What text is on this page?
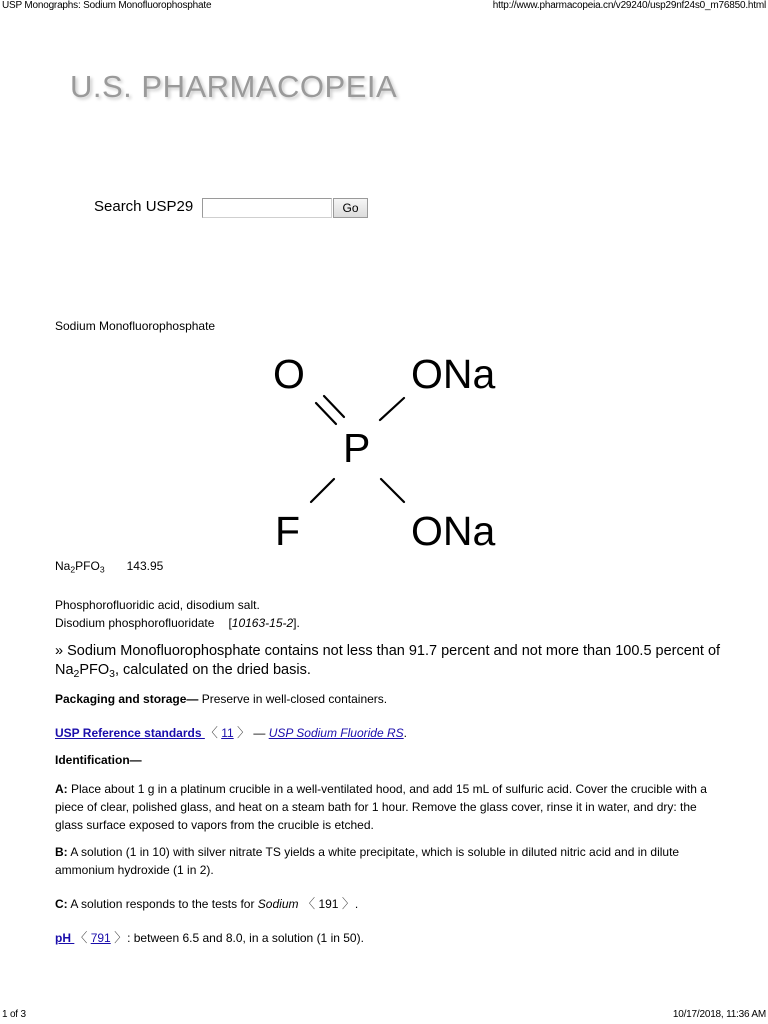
USP Monographs: Sodium Monofluorophosphate	http://www.pharmacopeia.cn/v29240/usp29nf24s0_m76850.html
U.S. PHARMACOPEIA
Search USP29	Go
Sodium Monofluorophosphate
O	ONa
P
F	ONa
$Na_2PFO_3$ 143.95
Phosphorofluoridic acid, disodium salt.
Disodium phosphorofluoridate [10163-15-2].
» Sodium Monofluorophosphate contains not less than 91.7 percent and not more than 100.5 percent of $Na_2PFO_3$, calculated on the dried basis.
Packaging and storage— Preserve in well-closed containers.
USP Reference standards 〈 11 〉 — USP Sodium Fluoride RS.
Identification—
A: Place about 1 g in a platinum crucible in a well-ventilated hood, and add 15 mL of sulfuric acid. Cover the crucible with a piece of clear, polished glass, and heat on a steam bath for 1 hour. Remove the glass cover, rinse it in water, and dry: the glass surface exposed to vapors from the crucible is etched.
B: A solution (1 in 10) with silver nitrate TS yields a white precipitate, which is soluble in diluted nitric acid and in dilute ammonium hydroxide (1 in 2).
C: A solution responds to the tests for Sodium 〈 191 〉.
pH 〈 791 〉: between 6.5 and 8.0, in a solution (1 in 50).
1 of 3	10/17/2018, 11:36 AM
